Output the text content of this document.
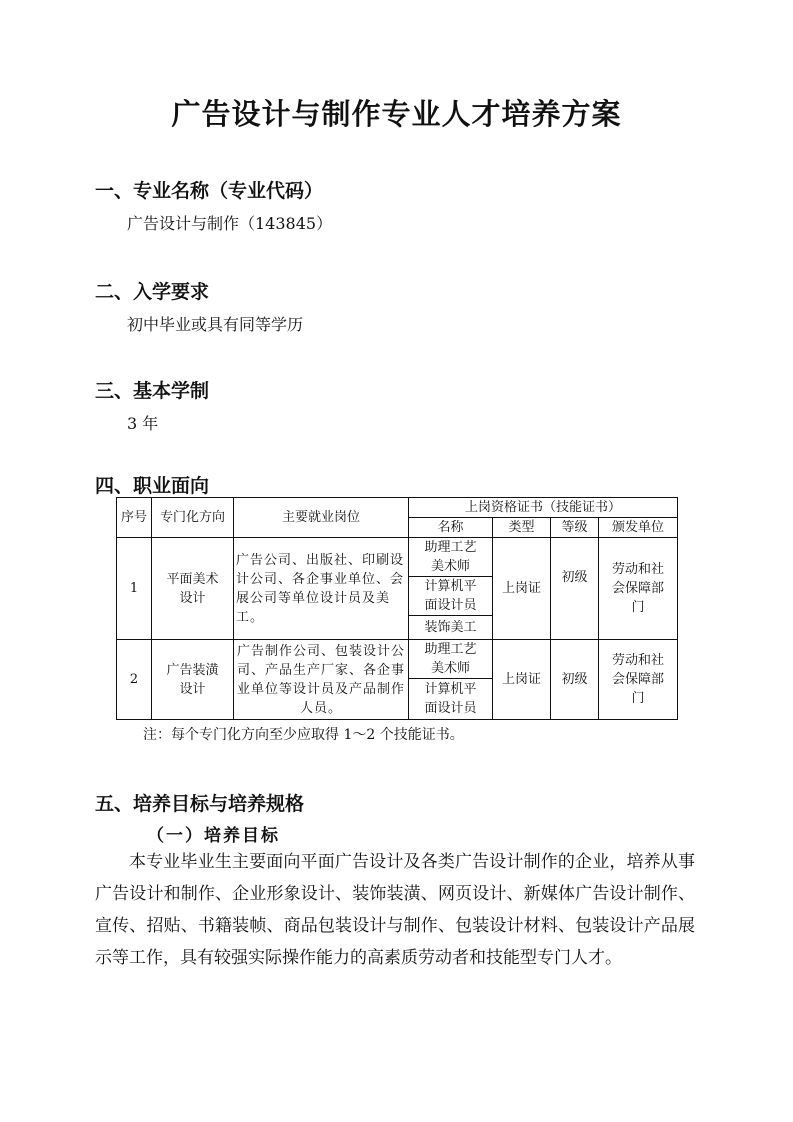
广告设计与制作专业人才培养方案
一、专业名称（专业代码）
广告设计与制作（143845）
二、入学要求
初中毕业或具有同等学历
三、基本学制
3 年
四、职业面向
序号	专门化方向	主要就业岗位	上岗资格证书（技能证书）			
			名称	类型	等级	颁发单位
1	平面美术设计	广告公司、出版社、印刷设计公司、各企事业单位、会展公司等单位设计员及美工。	助理工艺美术师	上岗证	初级	劳动和社会保障部门
			计算机平面设计员			
			装饰美工			
2	广告装潢设计	广告制作公司、包装设计公司、产品生产厂家、各企事业单位等设计员及产品制作人员。	助理工艺美术师	上岗证	初级	劳动和社会保障部门
			计算机平面设计员			
注：每个专门化方向至少应取得 1～2 个技能证书。
五、培养目标与培养规格
（一）培养目标
本专业毕业生主要面向平面广告设计及各类广告设计制作的企业，培养从事广告设计和制作、企业形象设计、装饰装潢、网页设计、新媒体广告设计制作、宣传、招贴、书籍装帧、商品包装设计与制作、包装设计材料、包装设计产品展示等工作，具有较强实际操作能力的高素质劳动者和技能型专门人才。
